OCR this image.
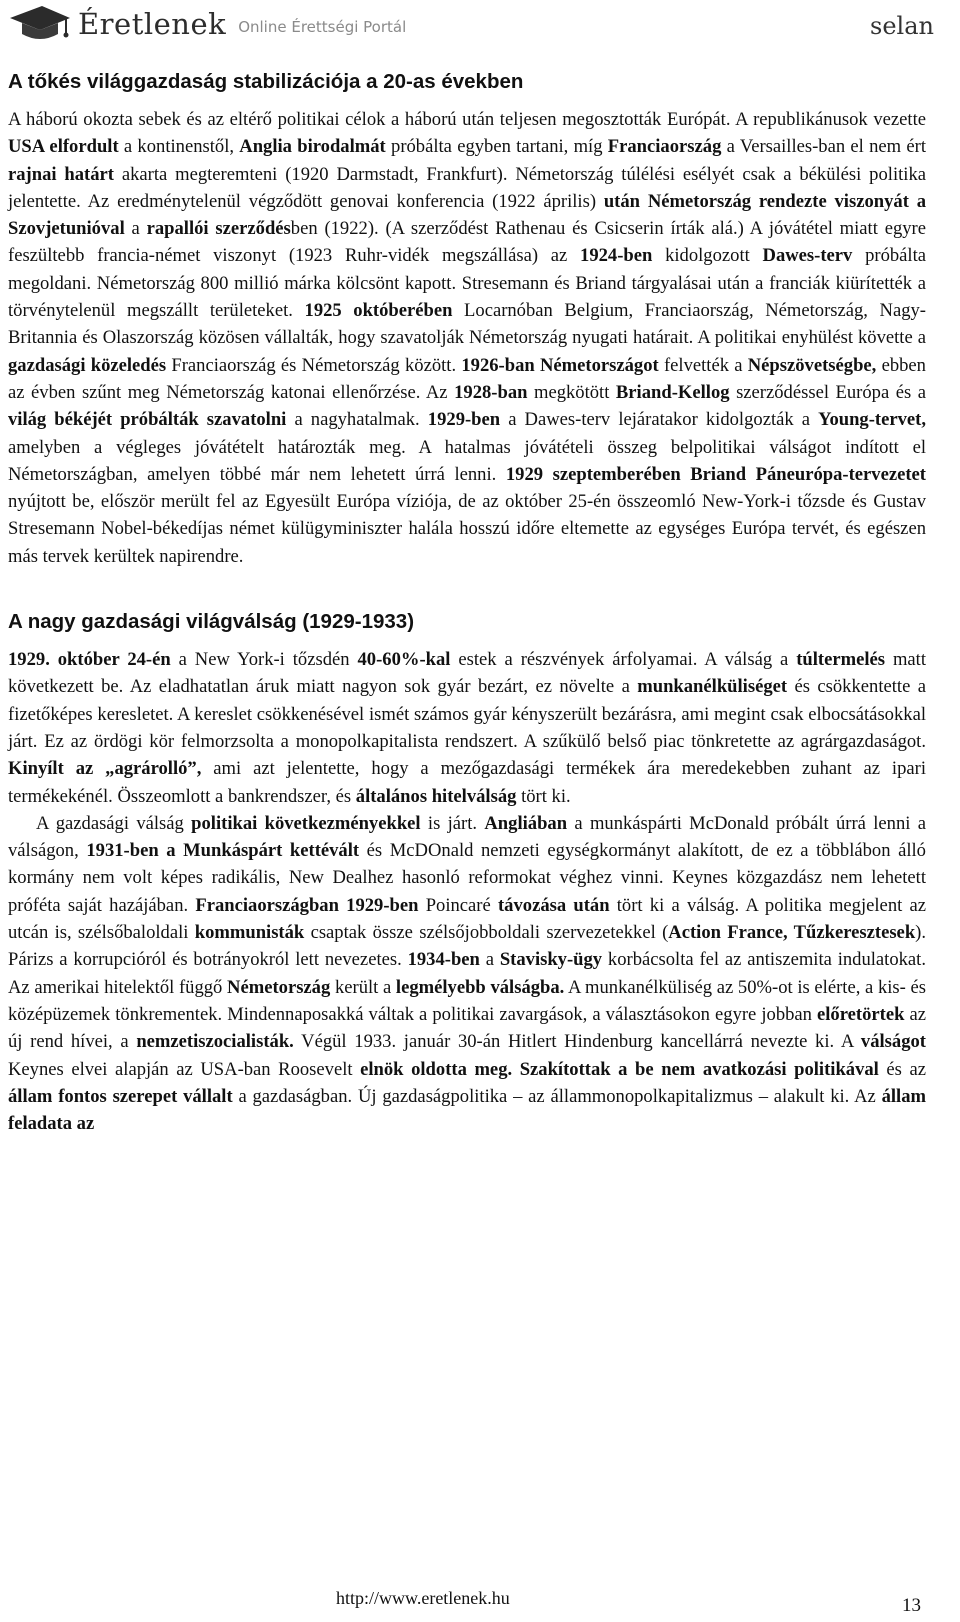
Éretlenek Online Érettségi Portál	selan
A tőkés világgazdaság stabilizációja a 20-as években

A háború okozta sebek és az eltérő politikai célok a háború után teljesen megosztották Európát. A republikánusok vezette USA elfordult a kontinenstől, Anglia birodalmát próbálta egyben tartani, míg Franciaország a Versailles-ban el nem ért rajnai határt akarta megteremteni (1920 Darmstadt, Frankfurt). Németország túlélési esélyét csak a békülési politika jelentette. Az eredménytelenül végződött genovai konferencia (1922 április) után Németország rendezte viszonyát a Szovjetunióval a rapallói szerződésben (1922). (A szerződést Rathenau és Csicserin írták alá.) A jóvátétel miatt egyre feszültebb francia-német viszonyt (1923 Ruhr-vidék megszállása) az 1924-ben kidolgozott Dawes-terv próbálta megoldani. Németország 800 millió márka kölcsönt kapott. Stresemann és Briand tárgyalásai után a franciák kiürítették a törvénytelenül megszállt területeket. 1925 októberében Locarnóban Belgium, Franciaország, Németország, Nagy-Britannia és Olaszország közösen vállalták, hogy szavatolják Németország nyugati határait. A politikai enyhülést követte a gazdasági közeledés Franciaország és Németország között. 1926-ban Németországot felvették a Népszövetségbe, ebben az évben szűnt meg Németország katonai ellenőrzése. Az 1928-ban megkötött Briand-Kellog szerződéssel Európa és a világ békéjét próbálták szavatolni a nagyhatalmak. 1929-ben a Dawes-terv lejáratakor kidolgozták a Young-tervet, amelyben a végleges jóvátételt határozták meg. A hatalmas jóvátételi összeg belpolitikai válságot indított el Németországban, amelyen többé már nem lehetett úrrá lenni. 1929 szeptemberében Briand Páneurópa-tervezetet nyújtott be, először merült fel az Egyesült Európa víziója, de az október 25-én összeomló New-York-i tőzsde és Gustav Stresemann Nobel-békedíjas német külügyminiszter halála hosszú időre eltemette az egységes Európa tervét, és egészen más tervek kerültek napirendre.

A nagy gazdasági világválság (1929-1933)

1929. október 24-én a New York-i tőzsdén 40-60%-kal estek a részvények árfolyamai. A válság a túltermelés matt következett be. Az eladhatatlan áruk miatt nagyon sok gyár bezárt, ez növelte a munkanélküliséget és csökkentette a fizetőképes keresletet. A kereslet csökkenésével ismét számos gyár kényszerült bezárásra, ami megint csak elbocsátásokkal járt. Ez az ördögi kör felmorzsolta a monopolkapitalista rendszert. A szűkülő belső piac tönkretette az agrárgazdaságot. Kinyílt az „agrárolló”, ami azt jelentette, hogy a mezőgazdasági termékek ára meredekebben zuhant az ipari termékekénél. Összeomlott a bankrendszer, és általános hitelválság tört ki.

A gazdasági válság politikai következményekkel is járt. Angliában a munkáspárti McDonald próbált úrrá lenni a válságon, 1931-ben a Munkáspárt kettévált és McDOnald nemzeti egységkormányt alakított, de ez a többlábon álló kormány nem volt képes radikális, New Dealhez hasonló reformokat véghez vinni. Keynes közgazdász nem lehetett próféta saját hazájában. Franciaországban 1929-ben Poincaré távozása után tört ki a válság. A politika megjelent az utcán is, szélsőbaloldali kommunisták csaptak össze szélsőjobboldali szervezetekkel (Action France, Tűzkeresztesek). Párizs a korrupcióról és botrányokról lett nevezetes. 1934-ben a Stavisky-ügy korbácsolta fel az antiszemita indulatokat. Az amerikai hitelektől függő Németország került a legmélyebb válságba. A munkanélküliség az 50%-ot is elérte, a kis- és középüzemek tönkrementek. Mindennaposakká váltak a politikai zavargások, a választásokon egyre jobban előretörtek az új rend hívei, a nemzetiszocialisták. Végül 1933. január 30-án Hitlert Hindenburg kancellárrá nevezte ki. A válságot Keynes elvei alapján az USA-ban Roosevelt elnök oldotta meg. Szakítottak a be nem avatkozási politikával és az állam fontos szerepet vállalt a gazdaságban. Új gazdaságpolitika – az állammonopolkapitalizmus – alakult ki. Az állam feladata az

http://www.eretlenek.hu	13
